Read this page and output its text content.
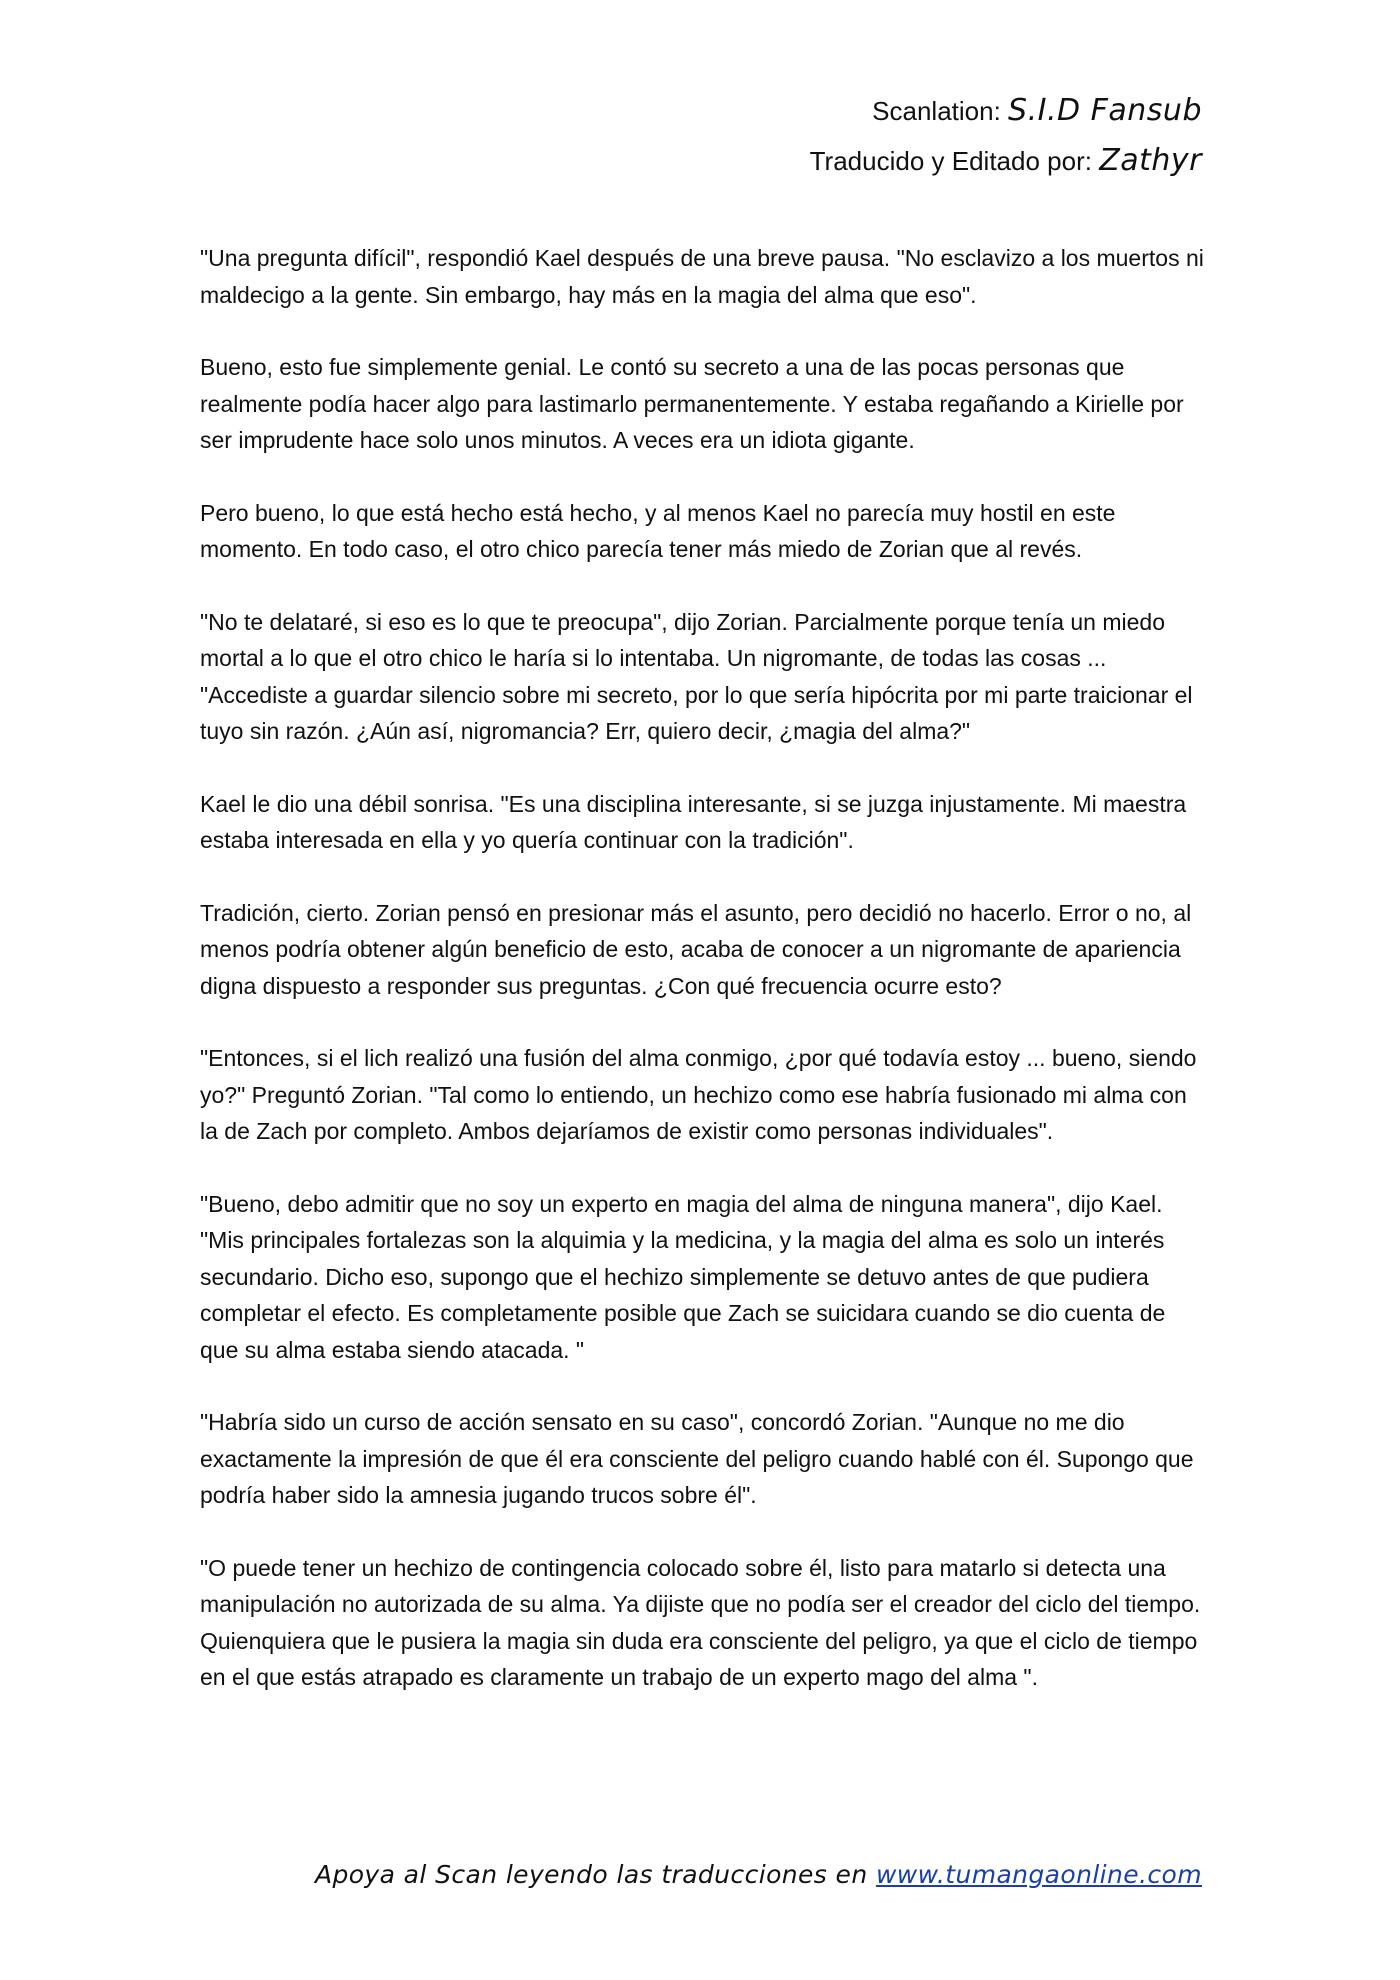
Scanlation: S.I.D Fansub
Traducido y Editado por: Zathyr

"Una pregunta difícil", respondió Kael después de una breve pausa. "No esclavizo a los muertos ni maldecigo a la gente. Sin embargo, hay más en la magia del alma que eso".

Bueno, esto fue simplemente genial. Le contó su secreto a una de las pocas personas que realmente podía hacer algo para lastimarlo permanentemente. Y estaba regañando a Kirielle por ser imprudente hace solo unos minutos. A veces era un idiota gigante.

Pero bueno, lo que está hecho está hecho, y al menos Kael no parecía muy hostil en este momento. En todo caso, el otro chico parecía tener más miedo de Zorian que al revés.

"No te delataré, si eso es lo que te preocupa", dijo Zorian. Parcialmente porque tenía un miedo mortal a lo que el otro chico le haría si lo intentaba. Un nigromante, de todas las cosas ... "Accediste a guardar silencio sobre mi secreto, por lo que sería hipócrita por mi parte traicionar el tuyo sin razón. ¿Aún así, nigromancia? Err, quiero decir, ¿magia del alma?"

Kael le dio una débil sonrisa. "Es una disciplina interesante, si se juzga injustamente. Mi maestra estaba interesada en ella y yo quería continuar con la tradición".

Tradición, cierto. Zorian pensó en presionar más el asunto, pero decidió no hacerlo. Error o no, al menos podría obtener algún beneficio de esto, acaba de conocer a un nigromante de apariencia digna dispuesto a responder sus preguntas. ¿Con qué frecuencia ocurre esto?

"Entonces, si el lich realizó una fusión del alma conmigo, ¿por qué todavía estoy ... bueno, siendo yo?" Preguntó Zorian. "Tal como lo entiendo, un hechizo como ese habría fusionado mi alma con la de Zach por completo. Ambos dejaríamos de existir como personas individuales".

"Bueno, debo admitir que no soy un experto en magia del alma de ninguna manera", dijo Kael. "Mis principales fortalezas son la alquimia y la medicina, y la magia del alma es solo un interés secundario. Dicho eso, supongo que el hechizo simplemente se detuvo antes de que pudiera completar el efecto. Es completamente posible que Zach se suicidara cuando se dio cuenta de que su alma estaba siendo atacada. "

"Habría sido un curso de acción sensato en su caso", concordó Zorian. "Aunque no me dio exactamente la impresión de que él era consciente del peligro cuando hablé con él. Supongo que podría haber sido la amnesia jugando trucos sobre él".

"O puede tener un hechizo de contingencia colocado sobre él, listo para matarlo si detecta una manipulación no autorizada de su alma. Ya dijiste que no podía ser el creador del ciclo del tiempo. Quienquiera que le pusiera la magia sin duda era consciente del peligro, ya que el ciclo de tiempo en el que estás atrapado es claramente un trabajo de un experto mago del alma ".

Apoya al Scan leyendo las traducciones en www.tumangaonline.com
